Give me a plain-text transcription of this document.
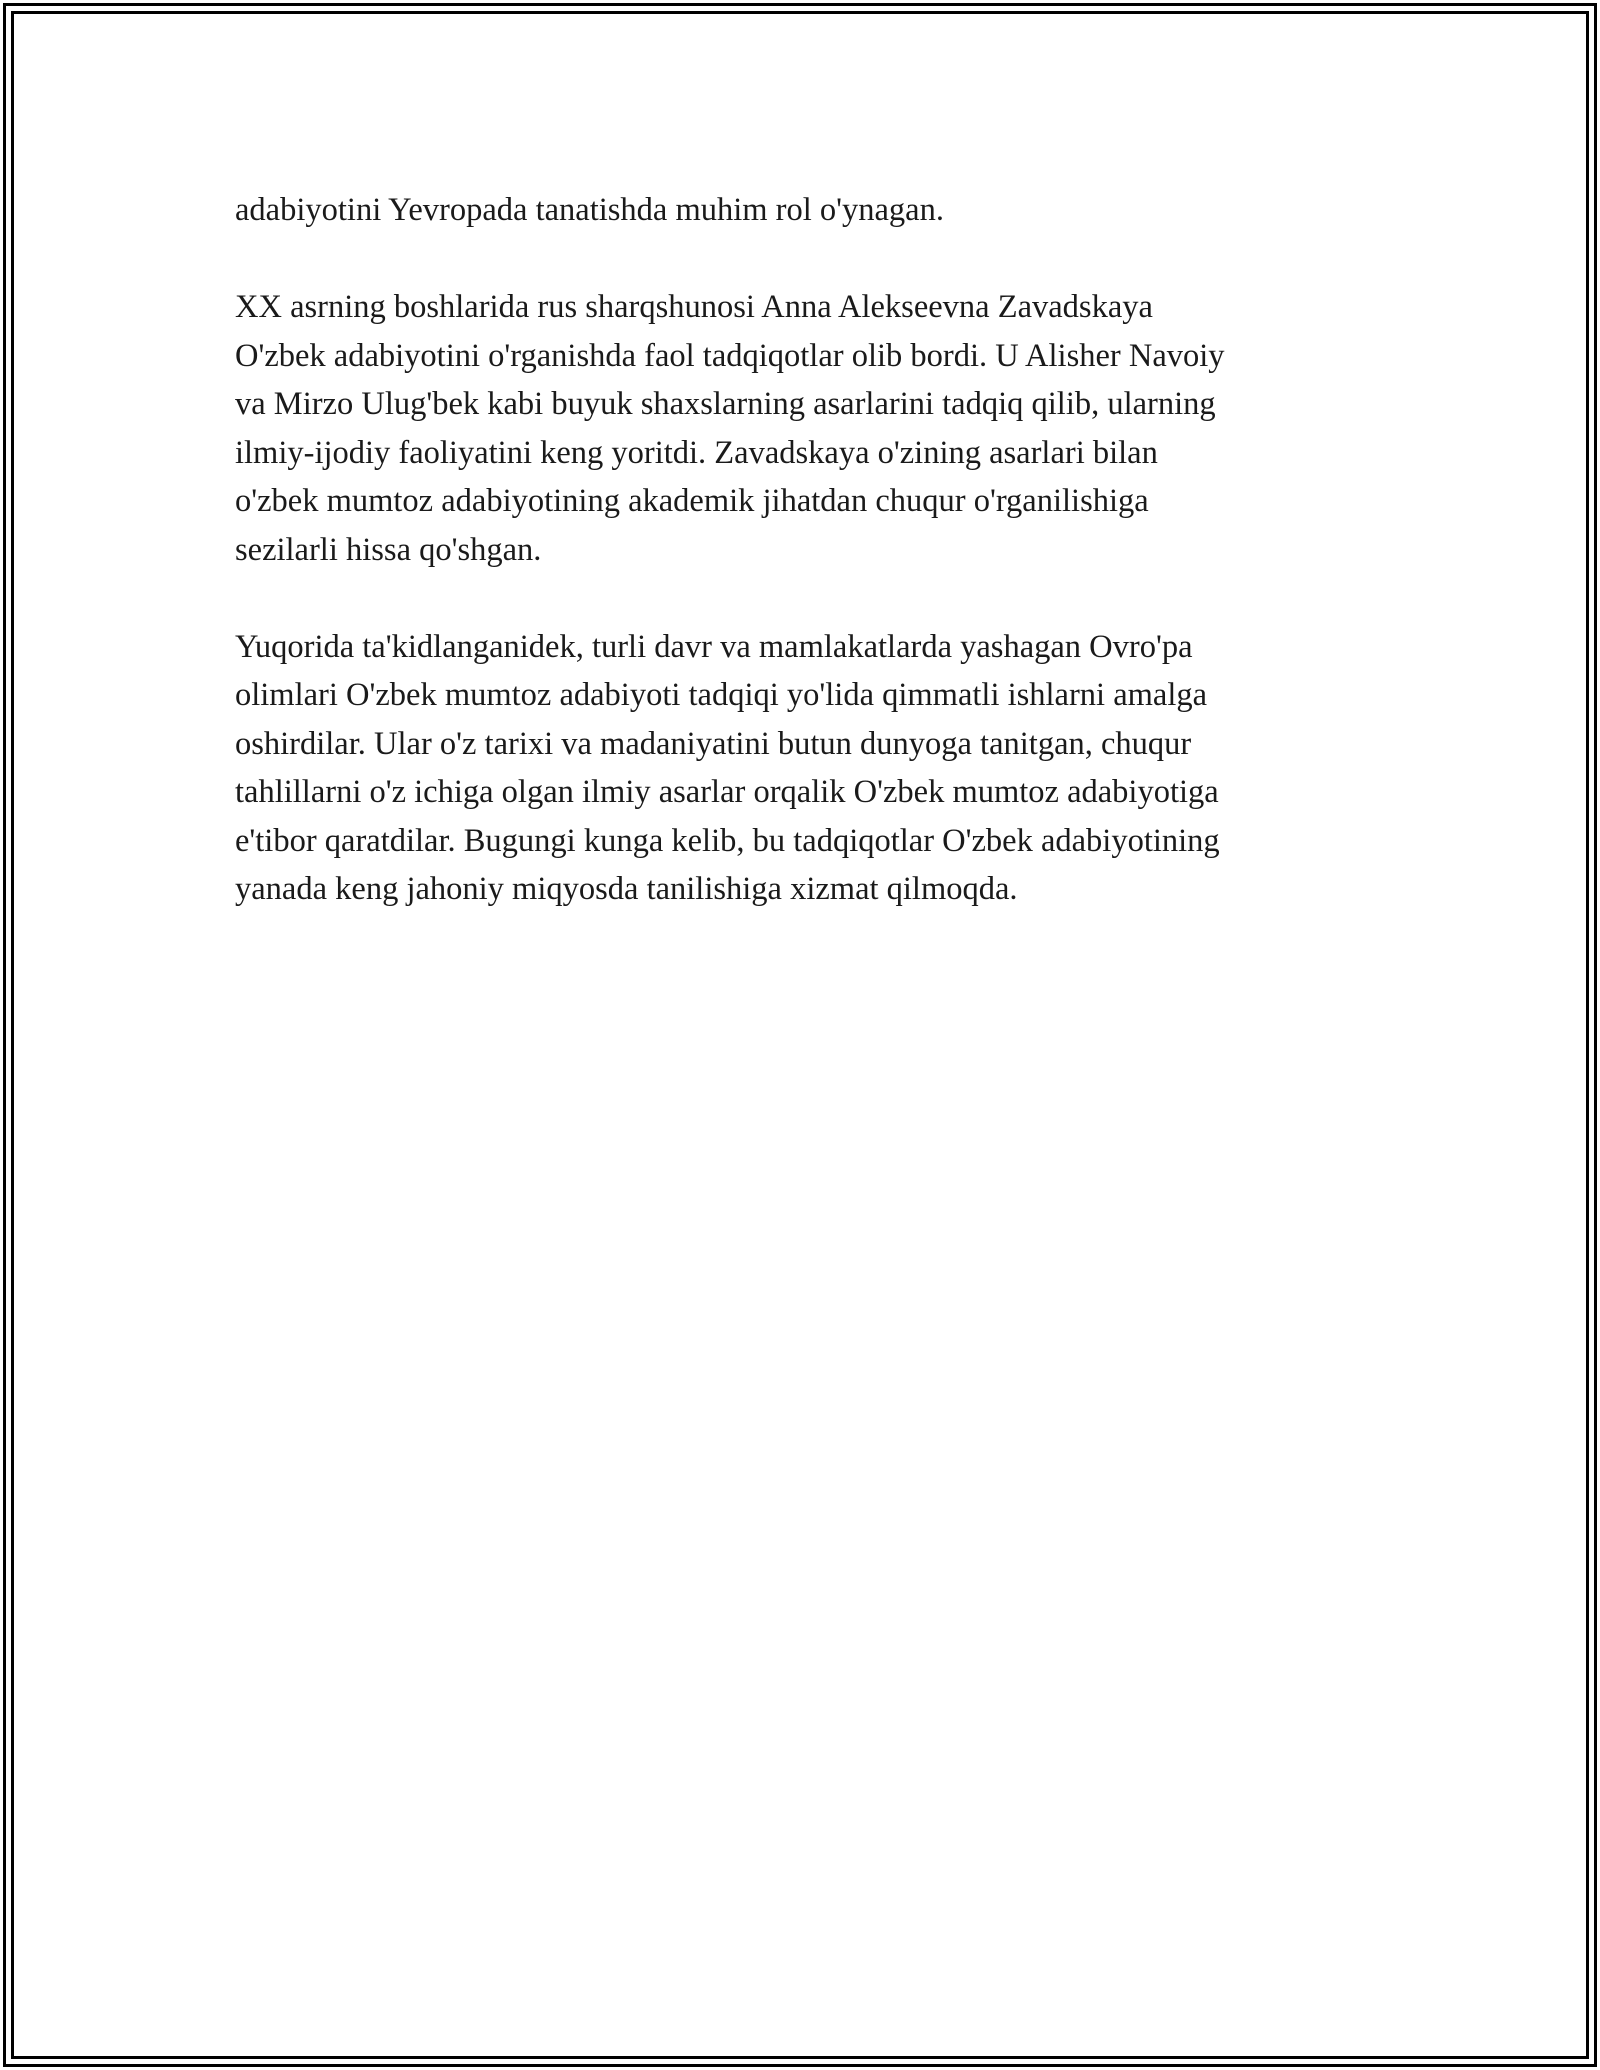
adabiyotini Yevropada tanatishda muhim rol o'ynagan.

XX asrning boshlarida rus sharqshunosi Anna Alekseevna Zavadskaya
O'zbek adabiyotini o'rganishda faol tadqiqotlar olib bordi. U Alisher Navoiy
va Mirzo Ulug'bek kabi buyuk shaxslarning asarlarini tadqiq qilib, ularning
ilmiy-ijodiy faoliyatini keng yoritdi. Zavadskaya o'zining asarlari bilan
o'zbek mumtoz adabiyotining akademik jihatdan chuqur o'rganilishiga
sezilarli hissa qo'shgan.

Yuqorida ta'kidlanganidek, turli davr va mamlakatlarda yashagan Ovro'pa
olimlari O'zbek mumtoz adabiyoti tadqiqi yo'lida qimmatli ishlarni amalga
oshirdilar. Ular o'z tarixi va madaniyatini butun dunyoga tanitgan, chuqur
tahlillarni o'z ichiga olgan ilmiy asarlar orqalik O'zbek mumtoz adabiyotiga
e'tibor qaratdilar. Bugungi kunga kelib, bu tadqiqotlar O'zbek adabiyotining
yanada keng jahoniy miqyosda tanilishiga xizmat qilmoqda.
